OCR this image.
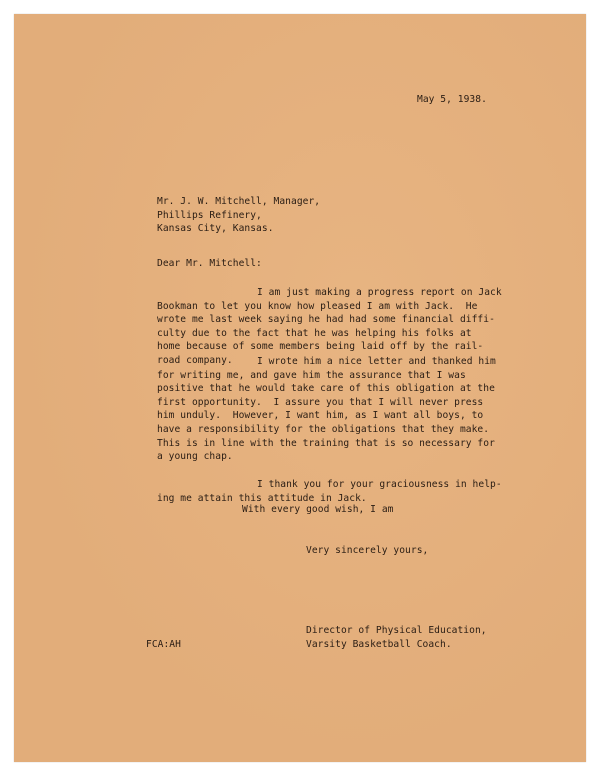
May 5, 1938.
Mr. J. W. Mitchell, Manager,
Phillips Refinery,
Kansas City, Kansas.
Dear Mr. Mitchell:
I am just making a progress report on Jack
Bookman to let you know how pleased I am with Jack.  He
wrote me last week saying he had had some financial diffi-
culty due to the fact that he was helping his folks at
home because of some members being laid off by the rail-
road company.	I wrote him a nice letter and thanked him
for writing me, and gave him the assurance that I was
positive that he would take care of this obligation at the
first opportunity.  I assure you that I will never press
him unduly.  However, I want him, as I want all boys, to
have a responsibility for the obligations that they make.
This is in line with the training that is so necessary for
a young chap.
I thank you for your graciousness in help-
ing me attain this attitude in Jack.
With every good wish, I am
Very sincerely yours,
Director of Physical Education,
Varsity Basketball Coach.
FCA:AH
